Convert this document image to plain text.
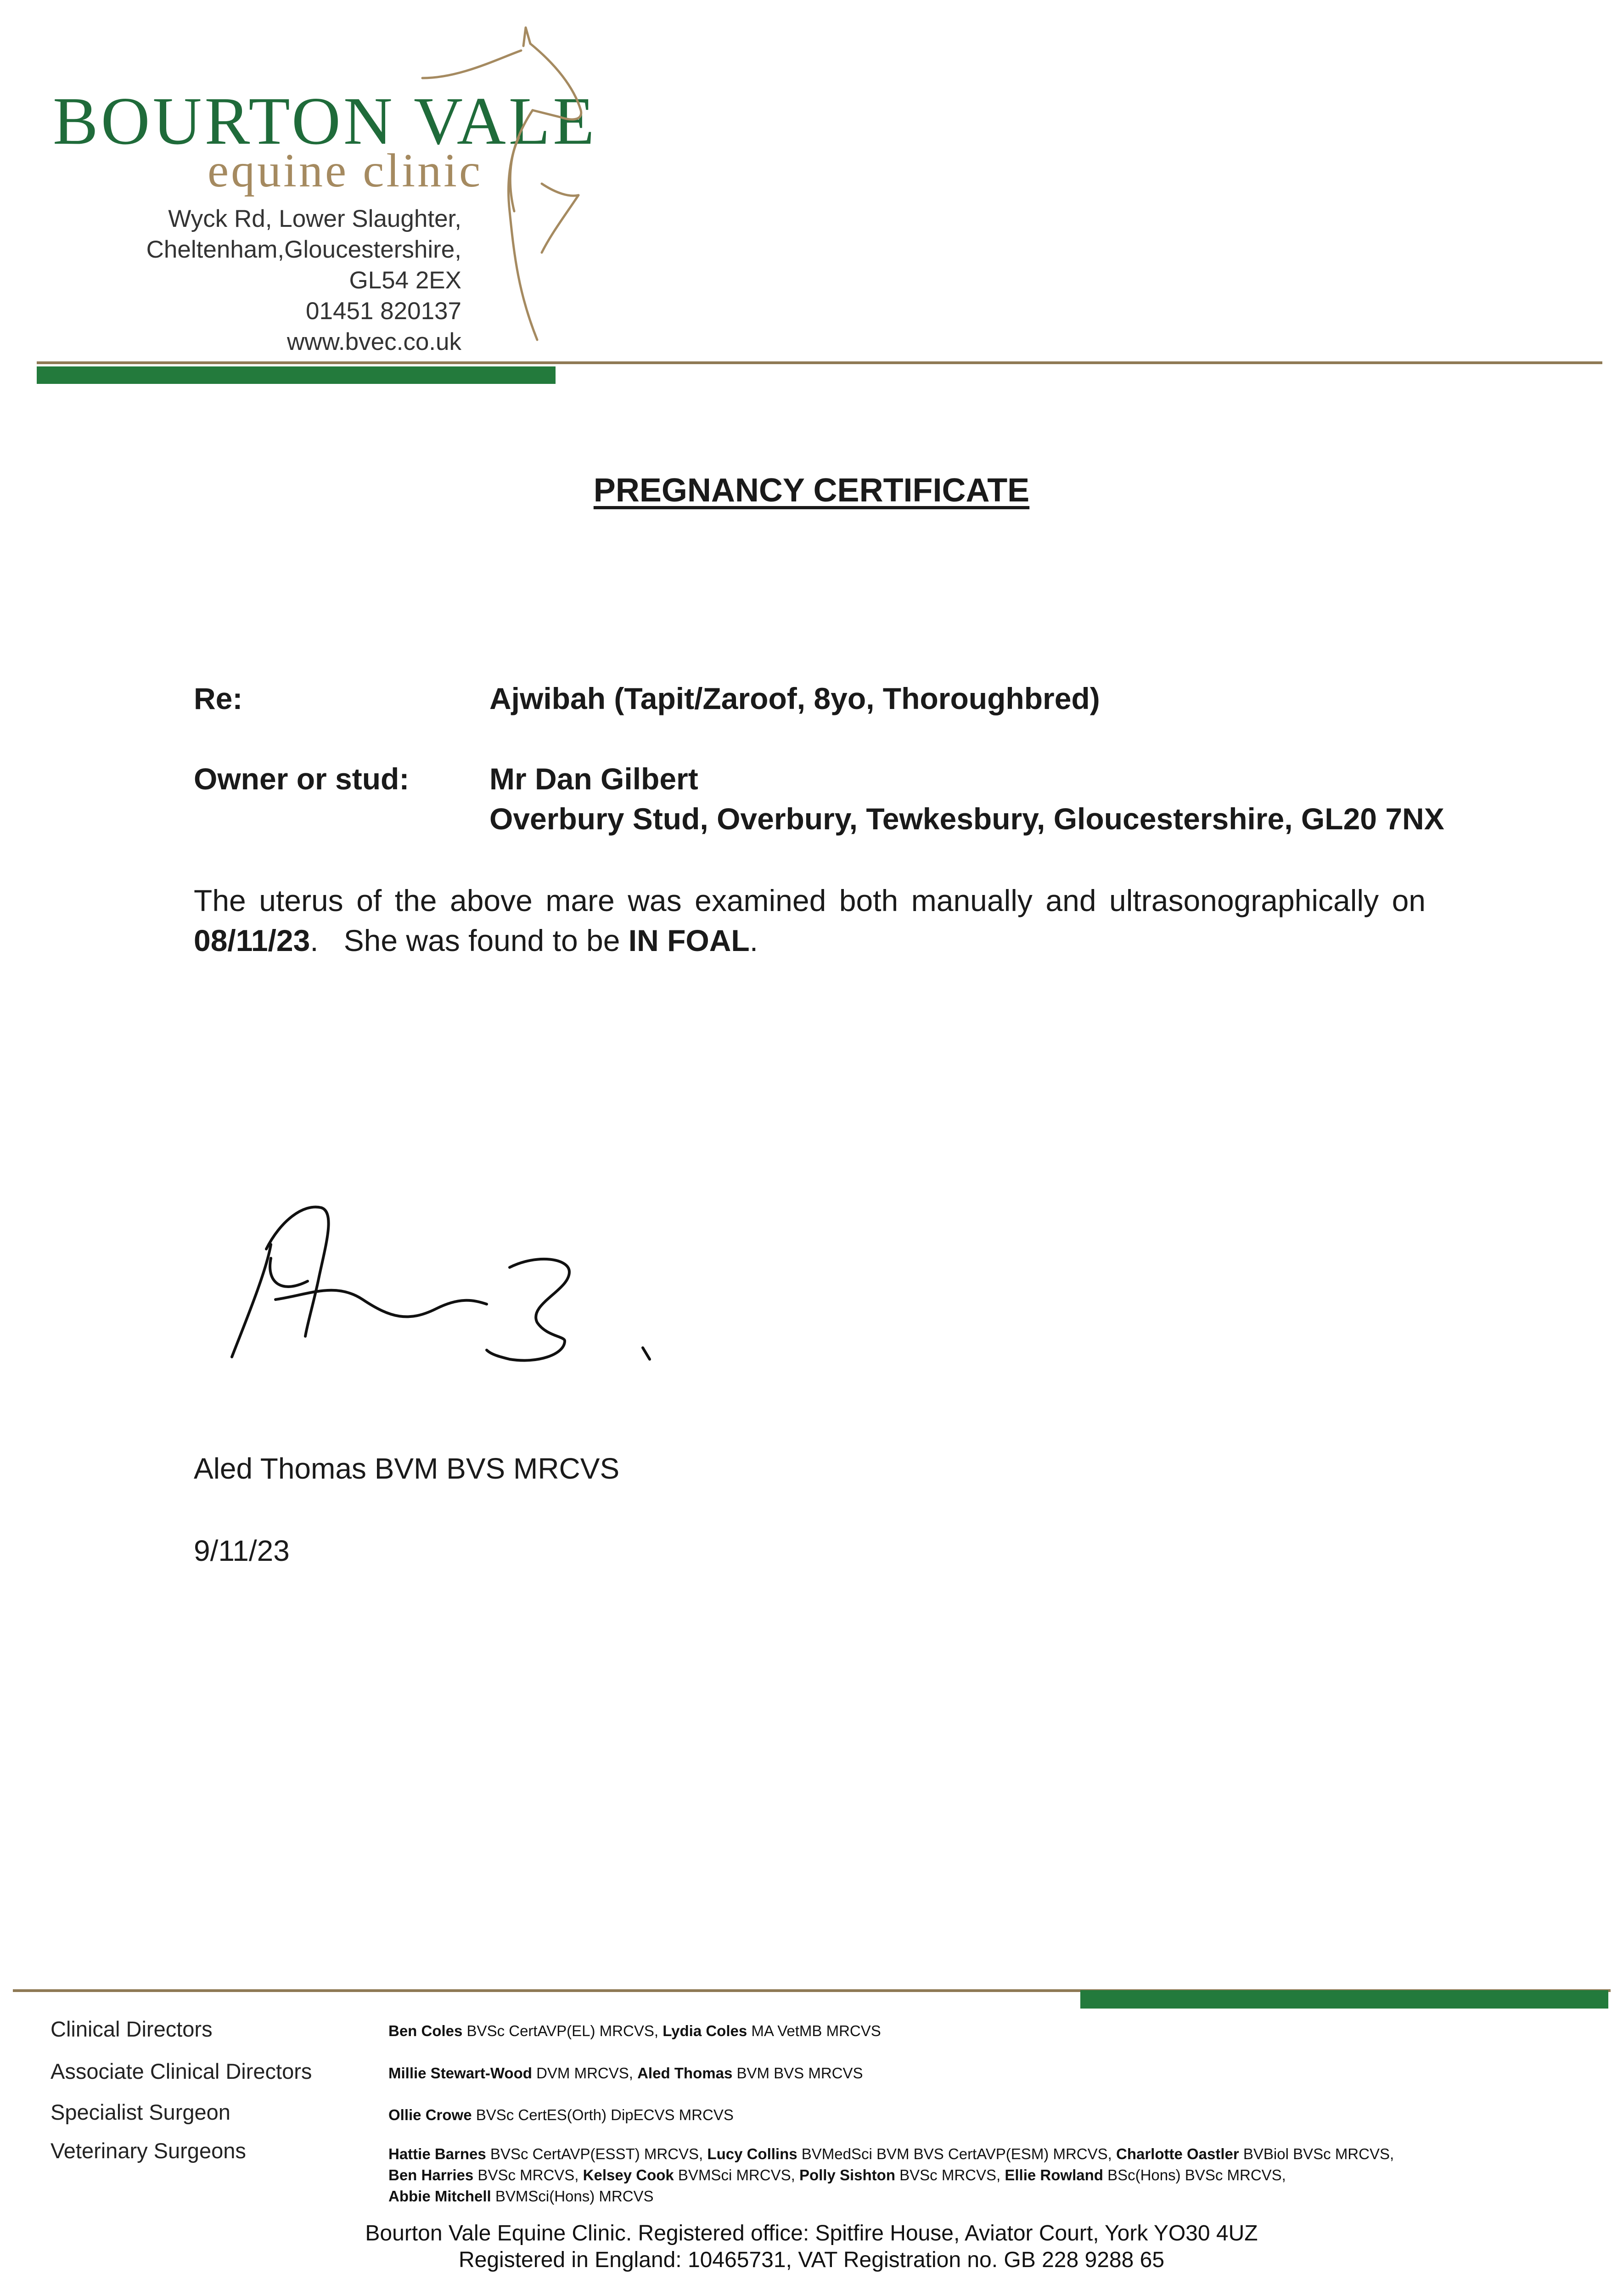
BOURTON VALE
equine clinic
Wyck Rd, Lower Slaughter,
Cheltenham,Gloucestershire,
GL54 2EX
01451 820137
www.bvec.co.uk
PREGNANCY CERTIFICATE
Re:	Ajwibah (Tapit/Zaroof, 8yo, Thoroughbred)
Owner or stud:	Mr Dan Gilbert
Overbury Stud, Overbury, Tewkesbury, Gloucestershire, GL20 7NX
The uterus of the above mare was examined both manually and ultrasonographically on
08/11/23.   She was found to be IN FOAL.
Aled Thomas BVM BVS MRCVS
9/11/23
Clinical Directors	Ben Coles BVSc CertAVP(EL) MRCVS, Lydia Coles MA VetMB MRCVS
Associate Clinical Directors	Millie Stewart-Wood DVM MRCVS, Aled Thomas BVM BVS MRCVS
Specialist Surgeon	Ollie Crowe BVSc CertES(Orth) DipECVS MRCVS
Veterinary Surgeons	Hattie Barnes BVSc CertAVP(ESST) MRCVS, Lucy Collins BVMedSci BVM BVS CertAVP(ESM) MRCVS, Charlotte Oastler BVBiol BVSc MRCVS,
Ben Harries BVSc MRCVS, Kelsey Cook BVMSci MRCVS, Polly Sishton BVSc MRCVS, Ellie Rowland BSc(Hons) BVSc MRCVS,
Abbie Mitchell BVMSci(Hons) MRCVS
Bourton Vale Equine Clinic. Registered office: Spitfire House, Aviator Court, York YO30 4UZ
Registered in England: 10465731, VAT Registration no. GB 228 9288 65
